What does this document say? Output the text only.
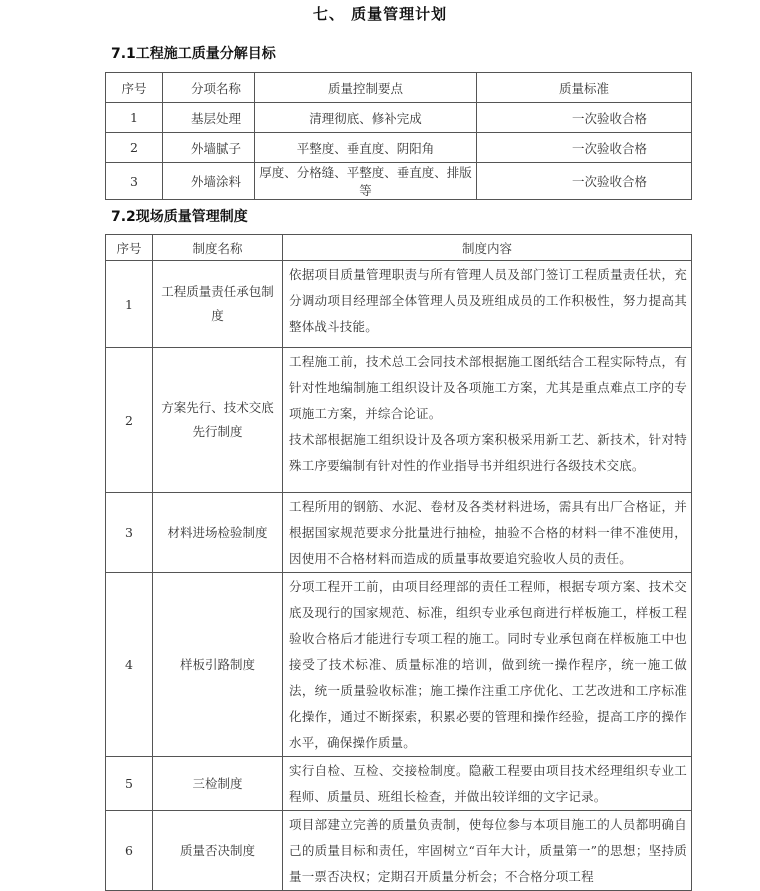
七、 质量管理计划
7.1工程施工质量分解目标
序号	分项名称	质量控制要点	质量标准
1	基层处理	清理彻底、修补完成	一次验收合格
2	外墙腻子	平整度、垂直度、阴阳角	一次验收合格
3	外墙涂料	厚度、分格缝、平整度、垂直度、排版等	一次验收合格
7.2现场质量管理制度
序号	制度名称	制度内容
1	工程质量责任承包制度	依据项目质量管理职责与所有管理人员及部门签订工程质量责任状，充分调动项目经理部全体管理人员及班组成员的工作积极性，努力提高其整体战斗技能。

2	方案先行、技术交底先行制度	工程施工前，技术总工会同技术部根据施工图纸结合工程实际特点，有针对性地编制施工组织设计及各项施工方案，尤其是重点难点工序的专项施工方案，并综合论证。

技术部根据施工组织设计及各项方案积极采用新工艺、新技术，针对特殊工序要编制有针对性的作业指导书并组织进行各级技术交底。

3	材料进场检验制度	工程所用的钢筋、水泥、卷材及各类材料进场，需具有出厂合格证，并根据国家规范要求分批量进行抽检，抽验不合格的材料一律不准使用，因使用不合格材料而造成的质量事故要追究验收人员的责任。

4	样板引路制度	分项工程开工前，由项目经理部的责任工程师，根据专项方案、技术交底及现行的国家规范、标准，组织专业承包商进行样板施工，样板工程验收合格后才能进行专项工程的施工。同时专业承包商在样板施工中也接受了技术标准、质量标准的培训，做到统一操作程序，统一施工做法，统一质量验收标准；施工操作注重工序优化、工艺改进和工序标准化操作，通过不断探索，积累必要的管理和操作经验，提高工序的操作水平，确保操作质量。

5	三检制度	实行自检、互检、交接检制度。隐蔽工程要由项目技术经理组织专业工程师、质量员、班组长检查，并做出较详细的文字记录。

6	质量否决制度	项目部建立完善的质量负责制，使每位参与本项目施工的人员都明确自己的质量目标和责任，牢固树立“百年大计，质量第一”的思想；坚持质量一票否决权；定期召开质量分析会；不合格分项工程
